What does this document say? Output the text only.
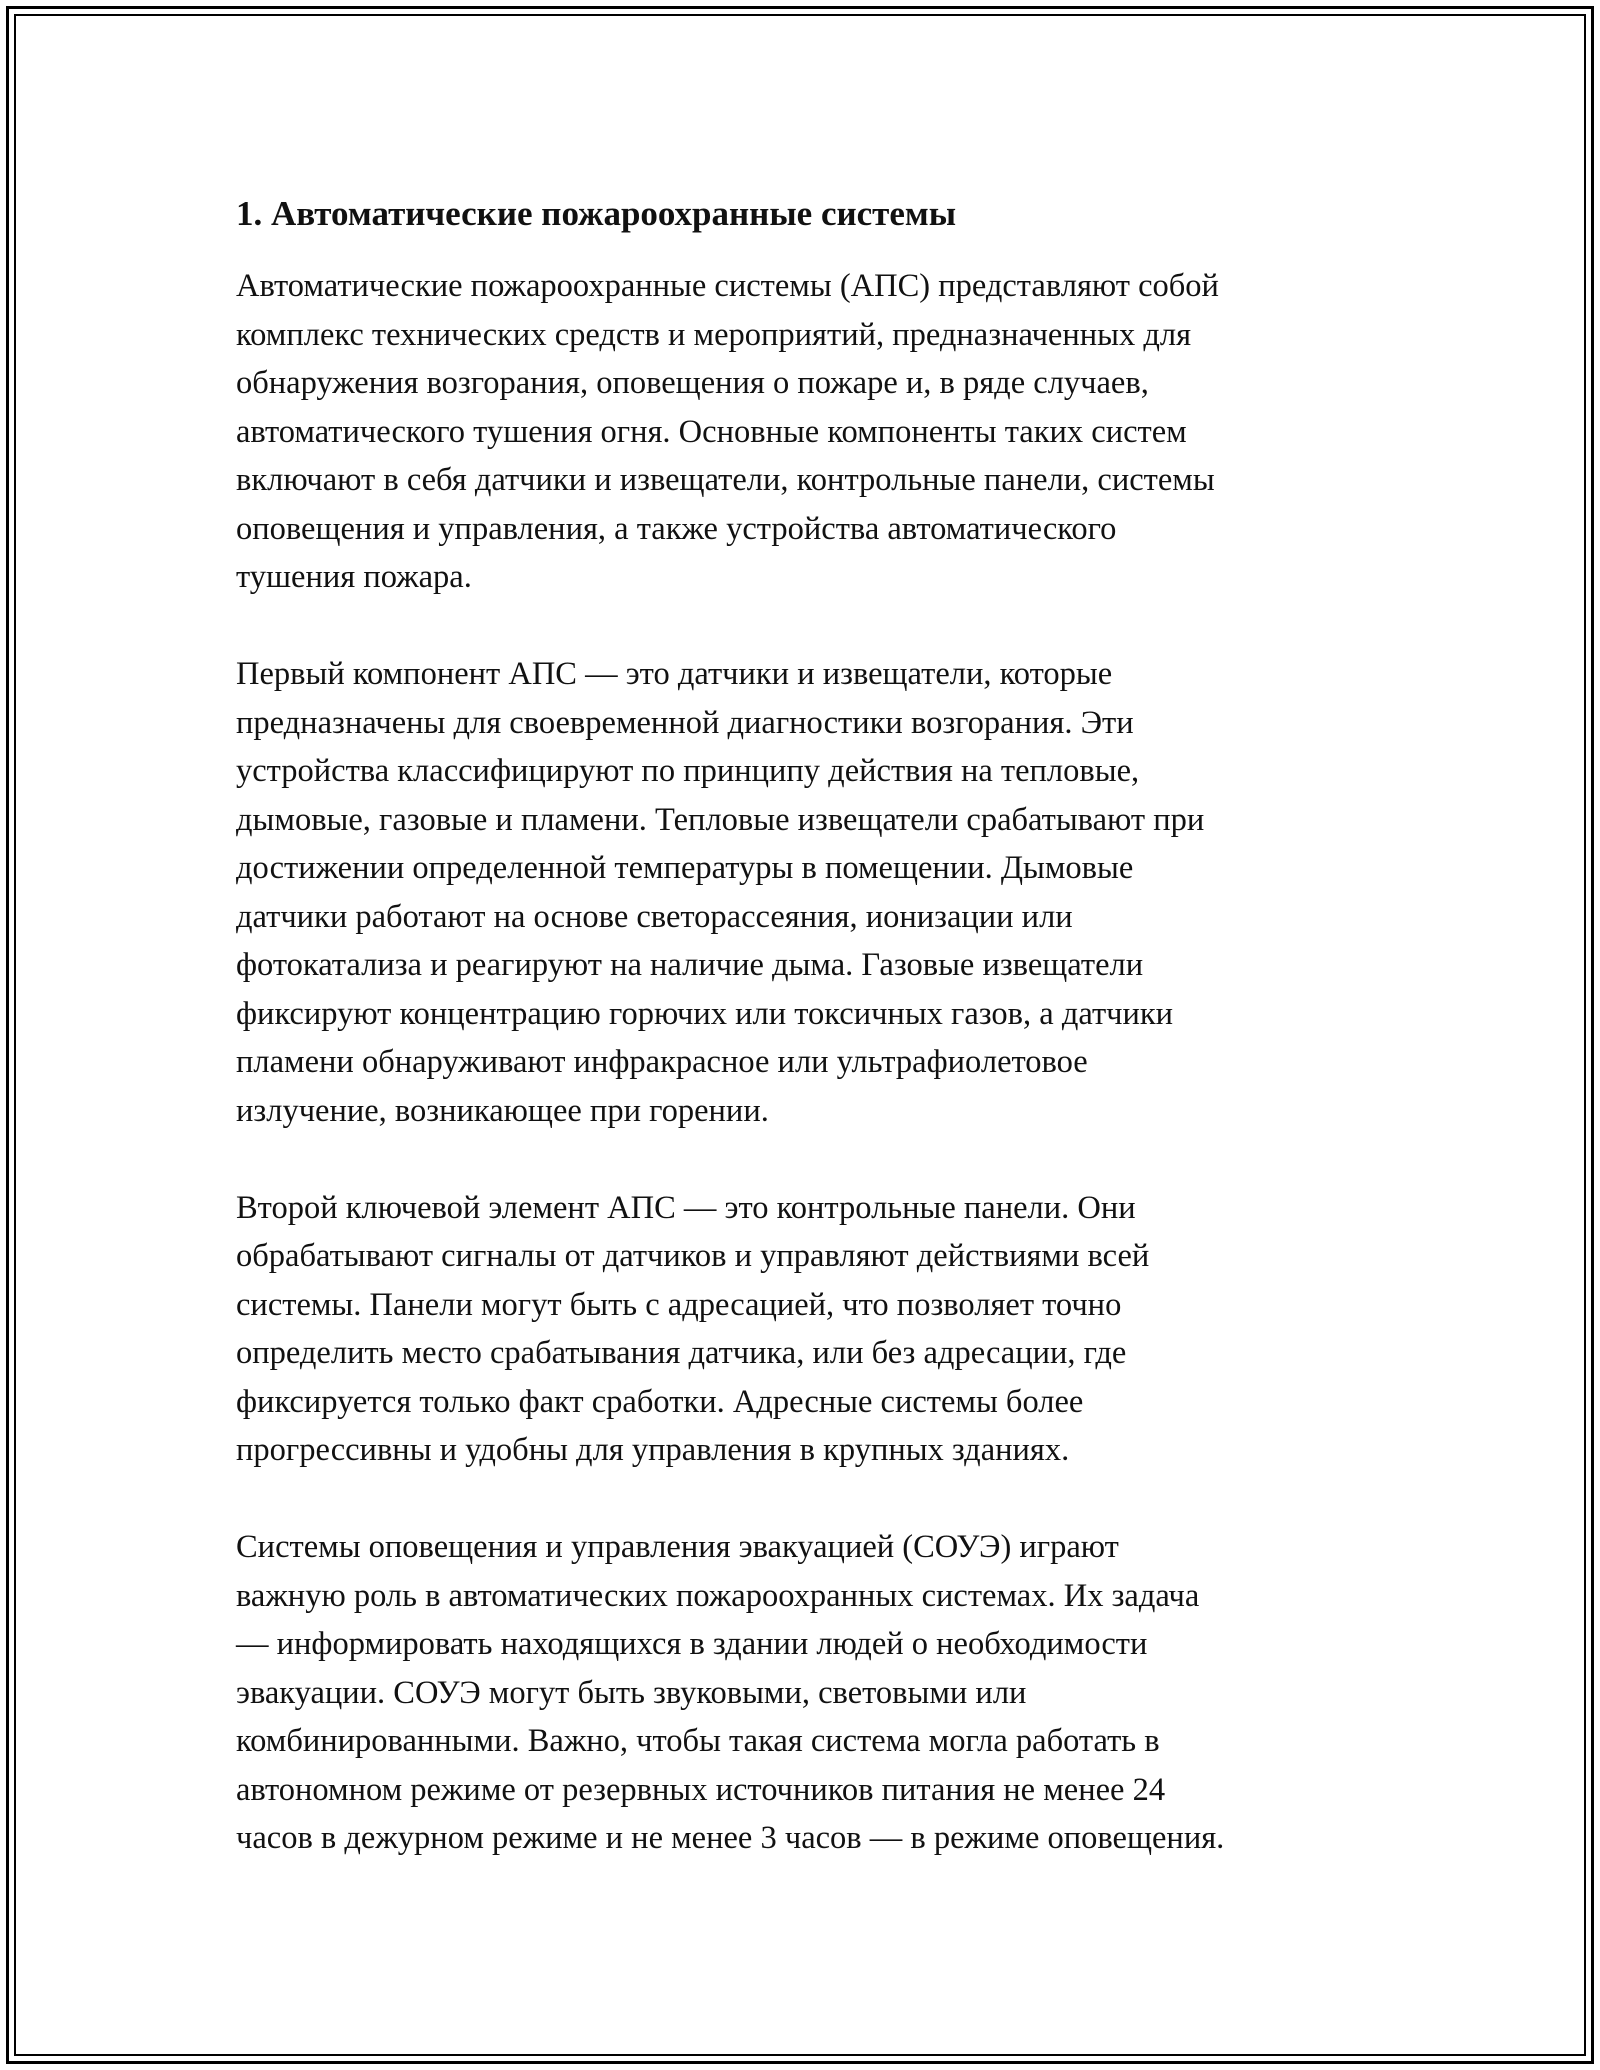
1. Автоматические пожароохранные системы

Автоматические пожароохранные системы (АПС) представляют собой
комплекс технических средств и мероприятий, предназначенных для
обнаружения возгорания, оповещения о пожаре и, в ряде случаев,
автоматического тушения огня. Основные компоненты таких систем
включают в себя датчики и извещатели, контрольные панели, системы
оповещения и управления, а также устройства автоматического
тушения пожара.

Первый компонент АПС — это датчики и извещатели, которые
предназначены для своевременной диагностики возгорания. Эти
устройства классифицируют по принципу действия на тепловые,
дымовые, газовые и пламени. Тепловые извещатели срабатывают при
достижении определенной температуры в помещении. Дымовые
датчики работают на основе светорассеяния, ионизации или
фотокатализа и реагируют на наличие дыма. Газовые извещатели
фиксируют концентрацию горючих или токсичных газов, а датчики
пламени обнаруживают инфракрасное или ультрафиолетовое
излучение, возникающее при горении.

Второй ключевой элемент АПС — это контрольные панели. Они
обрабатывают сигналы от датчиков и управляют действиями всей
системы. Панели могут быть с адресацией, что позволяет точно
определить место срабатывания датчика, или без адресации, где
фиксируется только факт сработки. Адресные системы более
прогрессивны и удобны для управления в крупных зданиях.

Системы оповещения и управления эвакуацией (СОУЭ) играют
важную роль в автоматических пожароохранных системах. Их задача
— информировать находящихся в здании людей о необходимости
эвакуации. СОУЭ могут быть звуковыми, световыми или
комбинированными. Важно, чтобы такая система могла работать в
автономном режиме от резервных источников питания не менее 24
часов в дежурном режиме и не менее 3 часов — в режиме оповещения.
